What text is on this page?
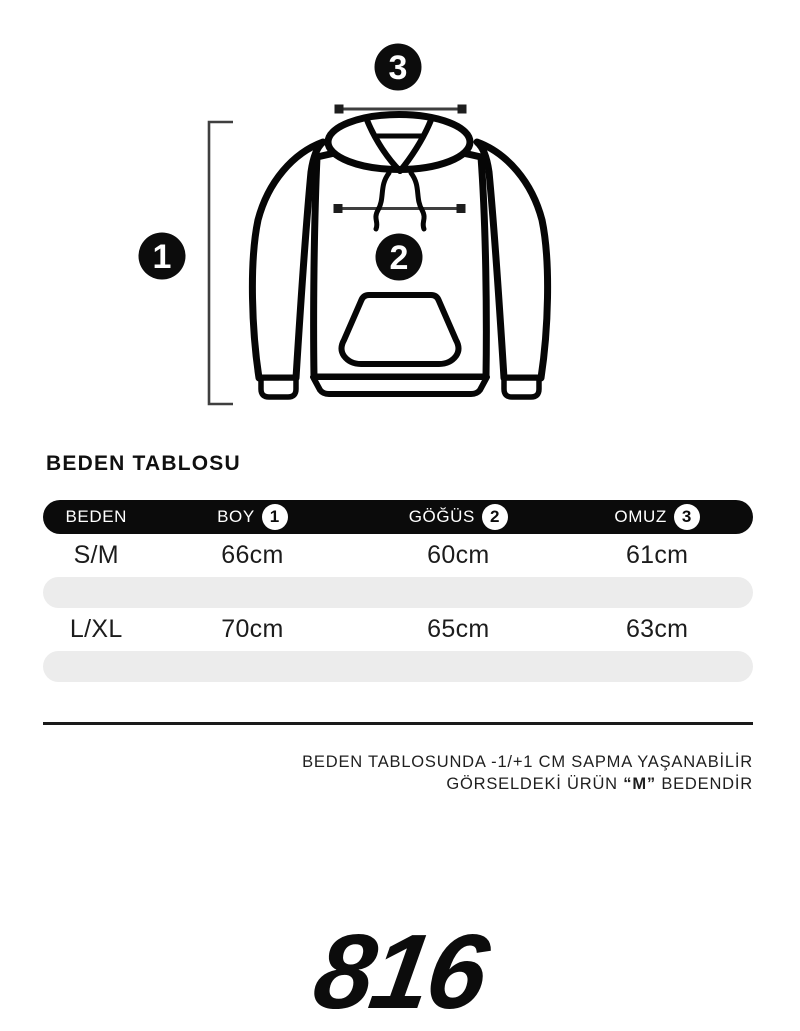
1	2
3
BEDEN TABLOSU
BEDEN	BOY 1	GÖĞÜS 2	OMUZ 3
S/M	66cm	60cm	61cm
L/XL	70cm	65cm	63cm
BEDEN TABLOSUNDA -1/+1 CM SAPMA YAŞANABİLİR
GÖRSELDEKİ ÜRÜN “M” BEDENDİR
816
